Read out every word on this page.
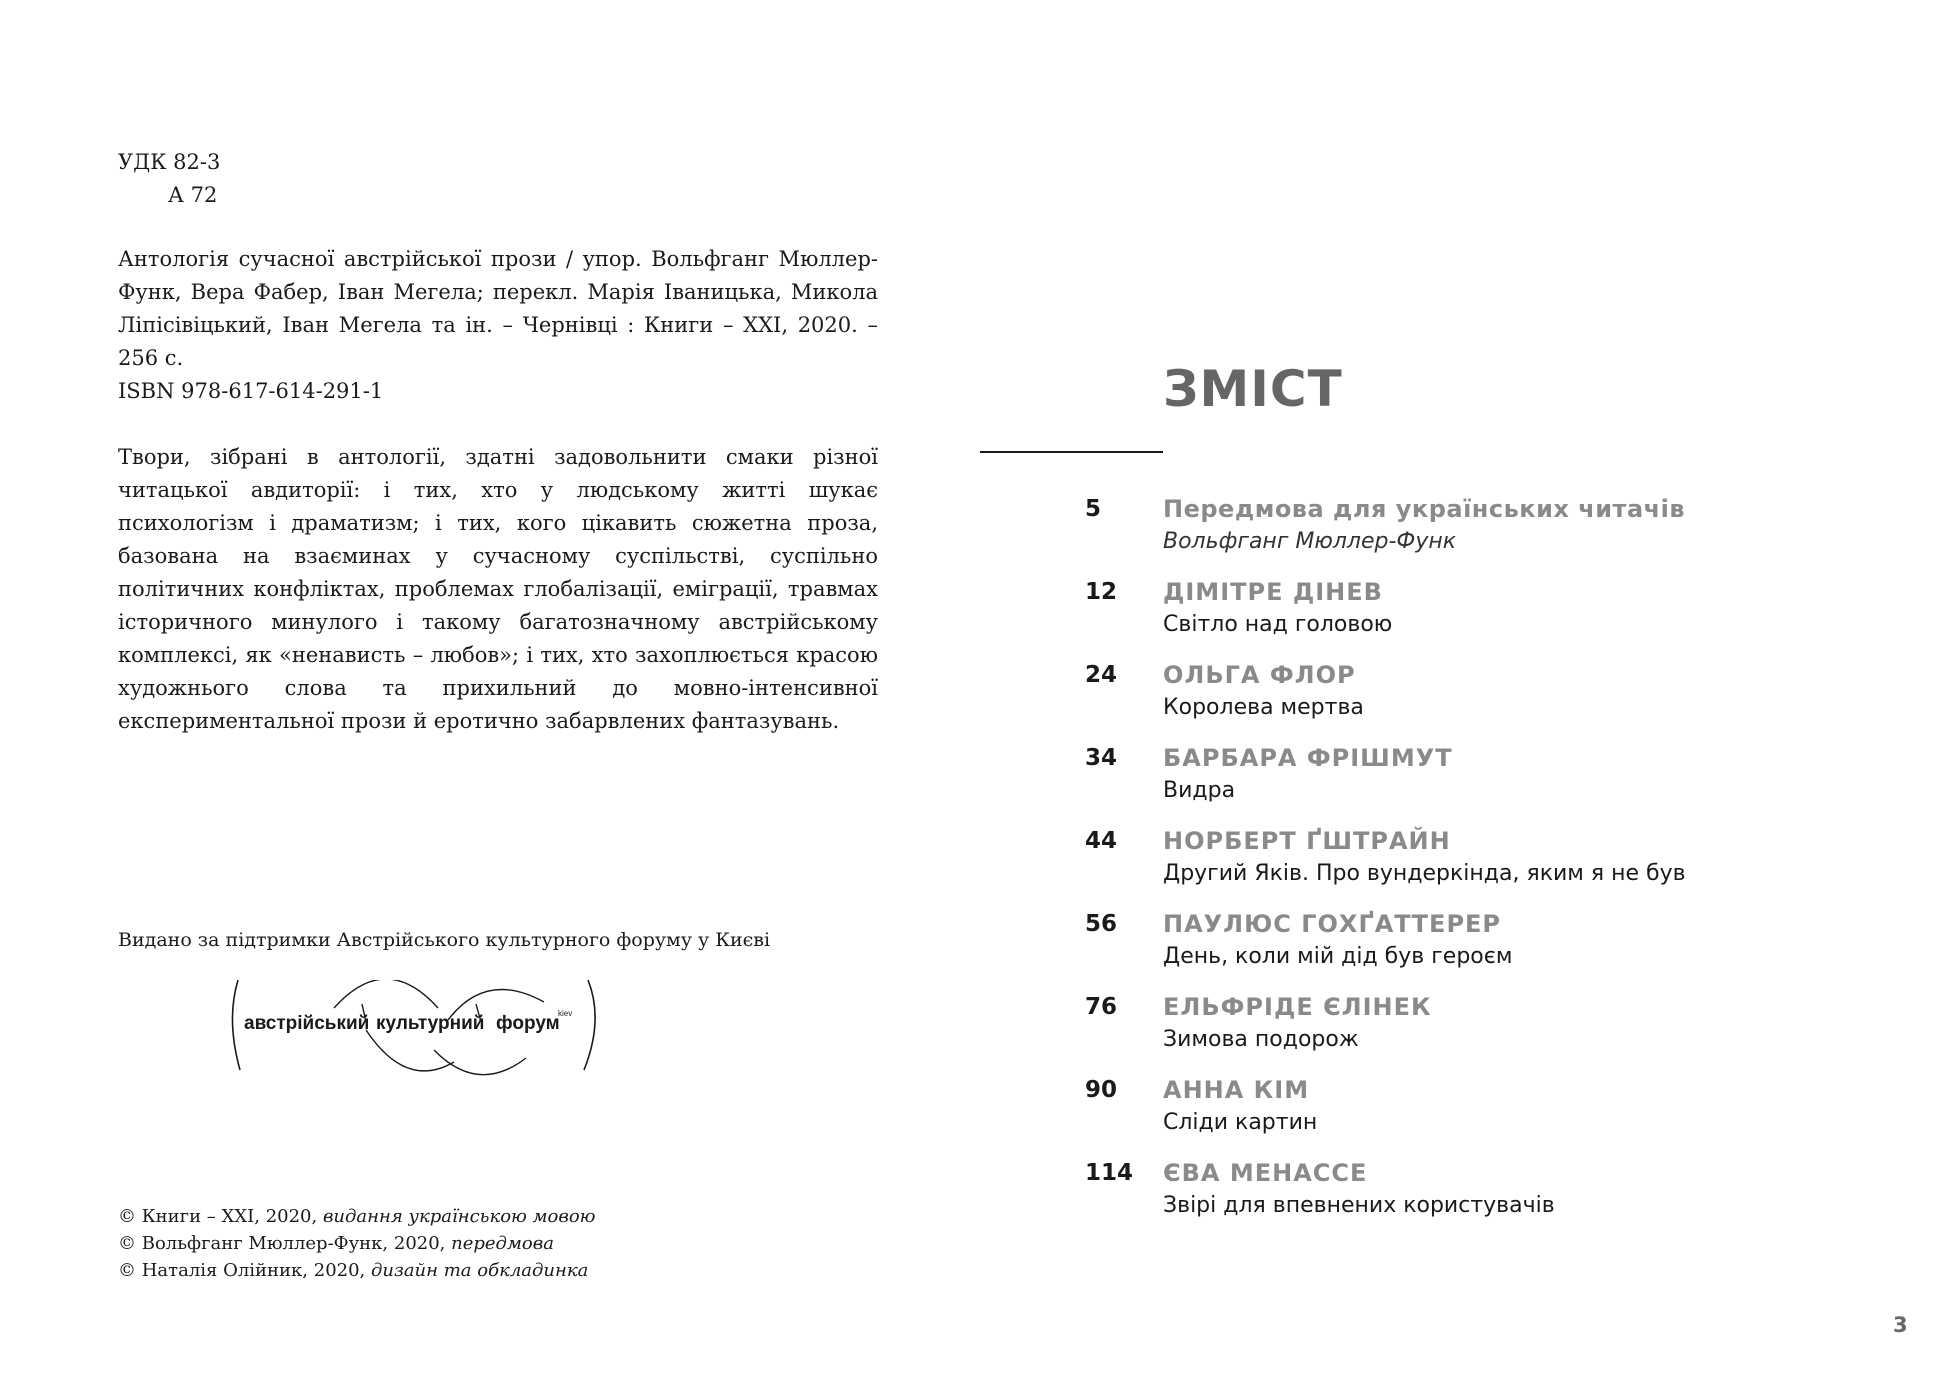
УДК 82-3
А 72
Антологія сучасної австрійської прози / упор. Вольфганг Мюллер-Функ, Вера Фабер, Іван Мегела; перекл. Марія Іваницька, Микола Ліпісівіцький, Іван Мегела та ін. – Чернівці : Книги – ХХІ, 2020. – 256 с.
ISBN 978-617-614-291-1
Твори, зібрані в антології, здатні задовольнити смаки різної читацької авдиторії: і тих, хто у людському житті шукає психологізм і драматизм; і тих, кого цікавить сюжетна проза, базована на взаєминах у сучасному суспільстві, суспільно політичних конфліктах, проблемах глобалізації, еміграції, травмах історичного минулого і такому багатозначному австрійському комплексі, як «ненависть – любов»; і тих, хто захоплюється красою художнього слова та прихильний до мовно-інтенсивної експериментальної прози й еротично забарвлених фантазувань.
Видано за підтримки Австрійського культурного форуму у Києві
австрійський культурний форум
kiev
© Книги – ХХІ, 2020, видання українською мовою
© Вольфганг Мюллер-Функ, 2020, передмова
© Наталія Олійник, 2020, дизайн та обкладинка
ЗМІСТ
5	Передмова для українських читачів
Вольфганг Мюллер-Функ
12	ДІМІТРЕ ДІНЕВ
Світло над головою
24	ОЛЬГА ФЛОР
Королева мертва
34	БАРБАРА ФРІШМУТ
Видра
44	НОРБЕРТ ҐШТРАЙН
Другий Яків. Про вундеркінда, яким я не був
56	ПАУЛЮС ГОХҐАТТЕРЕР
День, коли мій дід був героєм
76	ЕЛЬФРІДЕ ЄЛІНЕК
Зимова подорож
90	АННА КІМ
Сліди картин
114	ЄВА МЕНАССЕ
Звірі для впевнених користувачів
3
